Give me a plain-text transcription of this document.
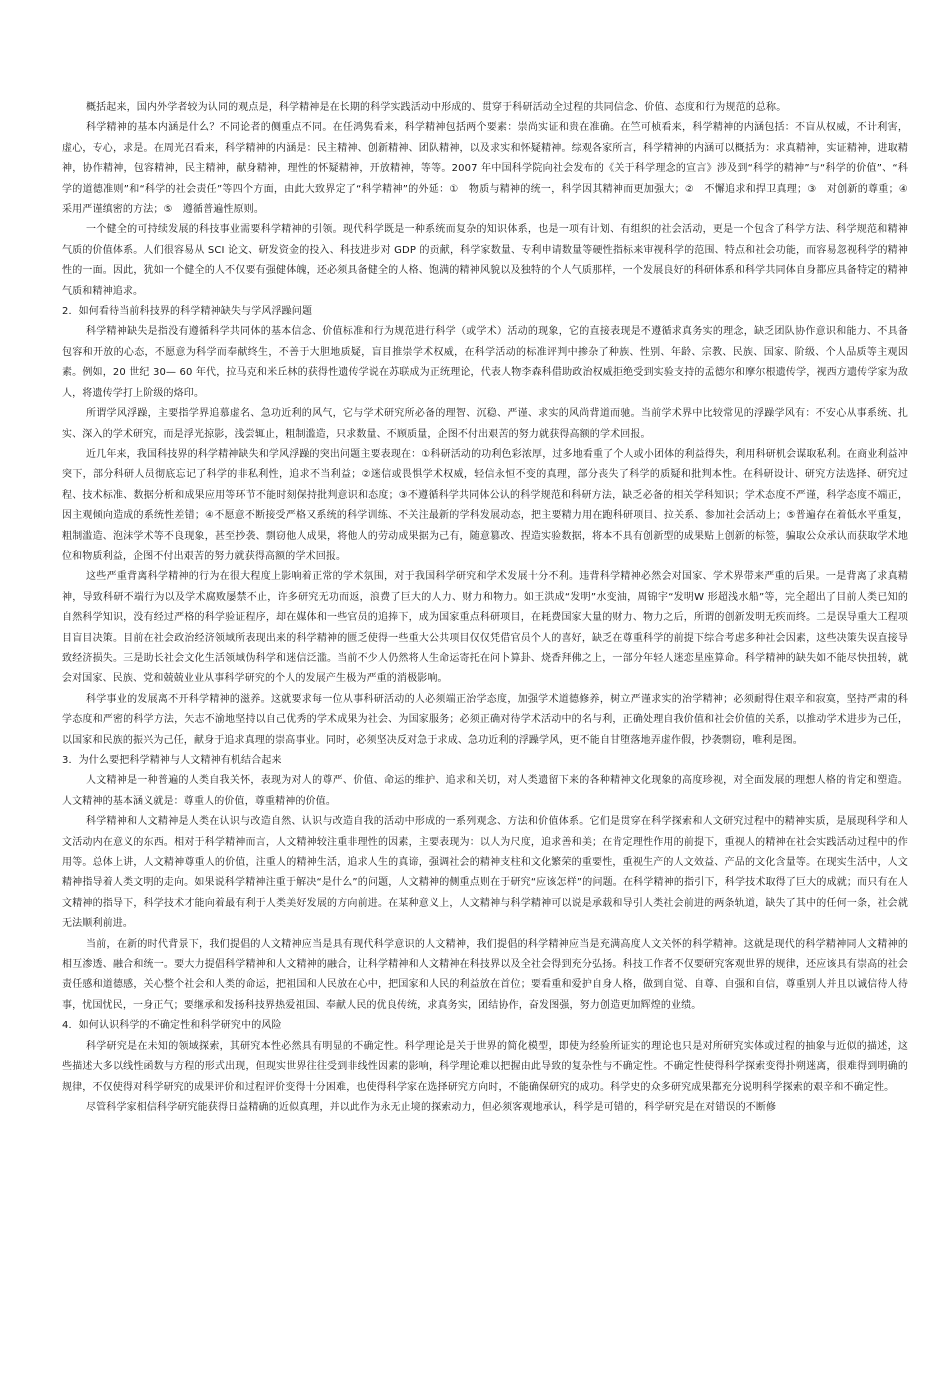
概括起来，国内外学者较为认同的观点是，科学精神是在长期的科学实践活动中形成的、贯穿于科研活动全过程的共同信念、价值、态度和行为规范的总称。

科学精神的基本内涵是什么？不同论者的侧重点不同。在任鸿隽看来，科学精神包括两个要素：崇尚实证和贵在准确。在竺可桢看来，科学精神的内涵包括：不盲从权威，不计利害，虚心，专心，求是。在周光召看来，科学精神的内涵是：民主精神、创新精神、团队精神，以及求实和怀疑精神。综观各家所言，科学精神的内涵可以概括为：求真精神，实证精神，进取精神，协作精神，包容精神，民主精神，献身精神，理性的怀疑精神，开放精神，等等。2007 年中国科学院向社会发布的《关于科学理念的宣言》涉及到“科学的精神”与“科学的价值”、“科学的道德准则”和“科学的社会责任”等四个方面，由此大致界定了“科学精神”的外延：①　物质与精神的统一，科学因其精神而更加强大；②　不懈追求和捍卫真理；③　对创新的尊重；④　采用严谨缜密的方法；⑤　遵循普遍性原则。

一个健全的可持续发展的科技事业需要科学精神的引领。现代科学既是一种系统而复杂的知识体系，也是一项有计划、有组织的社会活动，更是一个包含了科学方法、科学规范和精神气质的价值体系。人们很容易从 SCI 论文、研发资金的投入、科技进步对 GDP 的贡献，科学家数量、专利申请数量等硬性指标来审视科学的范围、特点和社会功能，而容易忽视科学的精神性的一面。因此，犹如一个健全的人不仅要有强健体魄，还必须具备健全的人格、饱满的精神风貌以及独特的个人气质那样，一个发展良好的科研体系和科学共同体自身都应具备特定的精神气质和精神追求。

2．如何看待当前科技界的科学精神缺失与学风浮躁问题

科学精神缺失是指没有遵循科学共同体的基本信念、价值标准和行为规范进行科学（或学术）活动的现象，它的直接表现是不遵循求真务实的理念，缺乏团队协作意识和能力、不具备包容和开放的心态，不愿意为科学而奉献终生，不善于大胆地质疑，盲目推崇学术权威，在科学活动的标准评判中掺杂了种族、性别、年龄、宗教、民族、国家、阶级、个人品质等主观因素。例如，20 世纪 30— 60 年代，拉马克和米丘林的获得性遗传学说在苏联成为正统理论，代表人物李森科借助政治权威拒绝受到实验支持的孟德尔和摩尔根遗传学，视西方遗传学家为敌人，将遗传学打上阶级的烙印。

所谓学风浮躁，主要指学界追慕虚名、急功近利的风气，它与学术研究所必备的理智、沉稳、严谨、求实的风尚背道而驰。当前学术界中比较常见的浮躁学风有：不安心从事系统、扎实、深入的学术研究，而是浮光掠影，浅尝辄止，粗制滥造，只求数量、不顾质量，企图不付出艰苦的努力就获得高额的学术回报。

近几年来，我国科技界的科学精神缺失和学风浮躁的突出问题主要表现在：①科研活动的功利色彩浓厚，过多地看重了个人或小团体的利益得失，利用科研机会谋取私利。在商业利益冲突下，部分科研人员彻底忘记了科学的非私利性，追求不当利益；②迷信或畏惧学术权威，轻信永恒不变的真理，部分丧失了科学的质疑和批判本性。在科研设计、研究方法选择、研究过程、技术标准、数据分析和成果应用等环节不能时刻保持批判意识和态度；③不遵循科学共同体公认的科学规范和科研方法，缺乏必备的相关学科知识；学术态度不严谨，科学态度不端正，因主观倾向造成的系统性差错；④不愿意不断接受严格又系统的科学训练、不关注最新的学科发展动态，把主要精力用在跑科研项目、拉关系、参加社会活动上；⑤普遍存在着低水平重复，粗制滥造、泡沫学术等不良现象，甚至抄袭、剽窃他人成果，将他人的劳动成果据为己有，随意篡改、捏造实验数据，将本不具有创新型的成果贴上创新的标签，骗取公众承认而获取学术地位和物质利益，企图不付出艰苦的努力就获得高额的学术回报。

这些严重背离科学精神的行为在很大程度上影响着正常的学术氛围，对于我国科学研究和学术发展十分不利。违背科学精神必然会对国家、学术界带来严重的后果。一是背离了求真精神，导致科研不端行为以及学术腐败屡禁不止，许多研究无功而返，浪费了巨大的人力、财力和物力。如王洪成“发明”水变油，周锦宇“发明W 形超浅水船”等，完全超出了目前人类已知的自然科学知识，没有经过严格的科学验证程序，却在媒体和一些官员的追捧下，成为国家重点科研项目，在耗费国家大量的财力、物力之后，所谓的创新发明无疾而终。二是误导重大工程项目盲目决策。目前在社会政治经济领域所表现出来的科学精神的匮乏使得一些重大公共项目仅仅凭借官员个人的喜好，缺乏在尊重科学的前提下综合考虑多种社会因素，这些决策失误直接导致经济损失。三是助长社会文化生活领域伪科学和迷信泛滥。当前不少人仍然将人生命运寄托在问卜算卦、烧香拜佛之上，一部分年轻人迷恋星座算命。科学精神的缺失如不能尽快扭转，就会对国家、民族、党和兢兢业业从事科学研究的个人的发展产生极为严重的消极影响。

科学事业的发展离不开科学精神的滋养。这就要求每一位从事科研活动的人必须端正治学态度，加强学术道德修养，树立严谨求实的治学精神；必须耐得住艰辛和寂寞，坚持严肃的科学态度和严密的科学方法，矢志不渝地坚持以自己优秀的学术成果为社会、为国家服务；必须正确对待学术活动中的名与利，正确处理自我价值和社会价值的关系，以推动学术进步为己任，以国家和民族的振兴为己任，献身于追求真理的崇高事业。同时，必须坚决反对急于求成、急功近利的浮躁学风，更不能自甘堕落地弄虚作假，抄袭剽窃，唯利是图。

3．为什么要把科学精神与人文精神有机结合起来

人文精神是一种普遍的人类自我关怀，表现为对人的尊严、价值、命运的维护、追求和关切，对人类遗留下来的各种精神文化现象的高度珍视，对全面发展的理想人格的肯定和塑造。人文精神的基本涵义就是：尊重人的价值，尊重精神的价值。

科学精神和人文精神是人类在认识与改造自然、认识与改造自我的活动中形成的一系列观念、方法和价值体系。它们是贯穿在科学探索和人文研究过程中的精神实质，是展现科学和人文活动内在意义的东西。相对于科学精神而言，人文精神较注重非理性的因素，主要表现为：以人为尺度，追求善和美；在肯定理性作用的前提下，重视人的精神在社会实践活动过程中的作用等。总体上讲，人文精神尊重人的价值，注重人的精神生活，追求人生的真谛，强调社会的精神支柱和文化繁荣的重要性，重视生产的人文效益、产品的文化含量等。在现实生活中，人文精神指导着人类文明的走向。如果说科学精神注重于解决“是什么”的问题，人文精神的侧重点则在于研究“应该怎样”的问题。在科学精神的指引下，科学技术取得了巨大的成就；而只有在人文精神的指导下，科学技术才能向着最有利于人类美好发展的方向前进。在某种意义上，人文精神与科学精神可以说是承载和导引人类社会前进的两条轨道，缺失了其中的任何一条，社会就无法顺利前进。

当前，在新的时代背景下，我们提倡的人文精神应当是具有现代科学意识的人文精神，我们提倡的科学精神应当是充满高度人文关怀的科学精神。这就是现代的科学精神同人文精神的相互渗透、融合和统一。要大力提倡科学精神和人文精神的融合，让科学精神和人文精神在科技界以及全社会得到充分弘扬。科技工作者不仅要研究客观世界的规律，还应该具有崇高的社会责任感和道德感，关心整个社会和人类的命运，把祖国和人民放在心中，把国家和人民的利益放在首位；要看重和爱护自身人格，做到自觉、自尊、自强和自信，尊重别人并且以诚信待人待事，忧国忧民，一身正气；要继承和发扬科技界热爱祖国、奉献人民的优良传统，求真务实，团结协作，奋发图强，努力创造更加辉煌的业绩。

4．如何认识科学的不确定性和科学研究中的风险

科学研究是在未知的领域探索，其研究本性必然具有明显的不确定性。科学理论是关于世界的简化模型，即使为经验所证实的理论也只是对所研究实体或过程的抽象与近似的描述，这些描述大多以线性函数与方程的形式出现，但现实世界往往受到非线性因素的影响，科学理论难以把握由此导致的复杂性与不确定性。不确定性使得科学探索变得扑朔迷离，很难得到明确的规律，不仅使得对科学研究的成果评价和过程评价变得十分困难，也使得科学家在选择研究方向时，不能确保研究的成功。科学史的众多研究成果都充分说明科学探索的艰辛和不确定性。

尽管科学家相信科学研究能获得日益精确的近似真理，并以此作为永无止境的探索动力，但必须客观地承认，科学是可错的，科学研究是在对错误的不断修
